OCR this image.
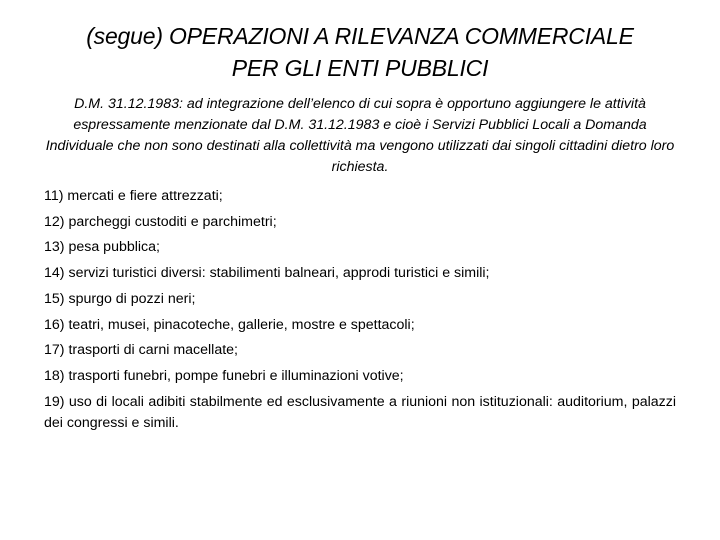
(segue) OPERAZIONI A RILEVANZA COMMERCIALE
PER GLI ENTI PUBBLICI
D.M. 31.12.1983: ad integrazione dell’elenco di cui sopra è opportuno aggiungere le attività espressamente menzionate dal D.M. 31.12.1983 e cioè i Servizi Pubblici Locali a Domanda Individuale che non sono destinati alla collettività ma vengono utilizzati dai singoli cittadini dietro loro richiesta.
11) mercati e fiere attrezzati;
12) parcheggi custoditi e parchimetri;
13) pesa pubblica;
14) servizi turistici diversi: stabilimenti balneari, approdi turistici e simili;
15) spurgo di pozzi neri;
16) teatri, musei, pinacoteche, gallerie, mostre e spettacoli;
17) trasporti di carni macellate;
18) trasporti funebri, pompe funebri e illuminazioni votive;
19) uso di locali adibiti stabilmente ed esclusivamente a riunioni non istituzionali: auditorium, palazzi dei congressi e simili.
